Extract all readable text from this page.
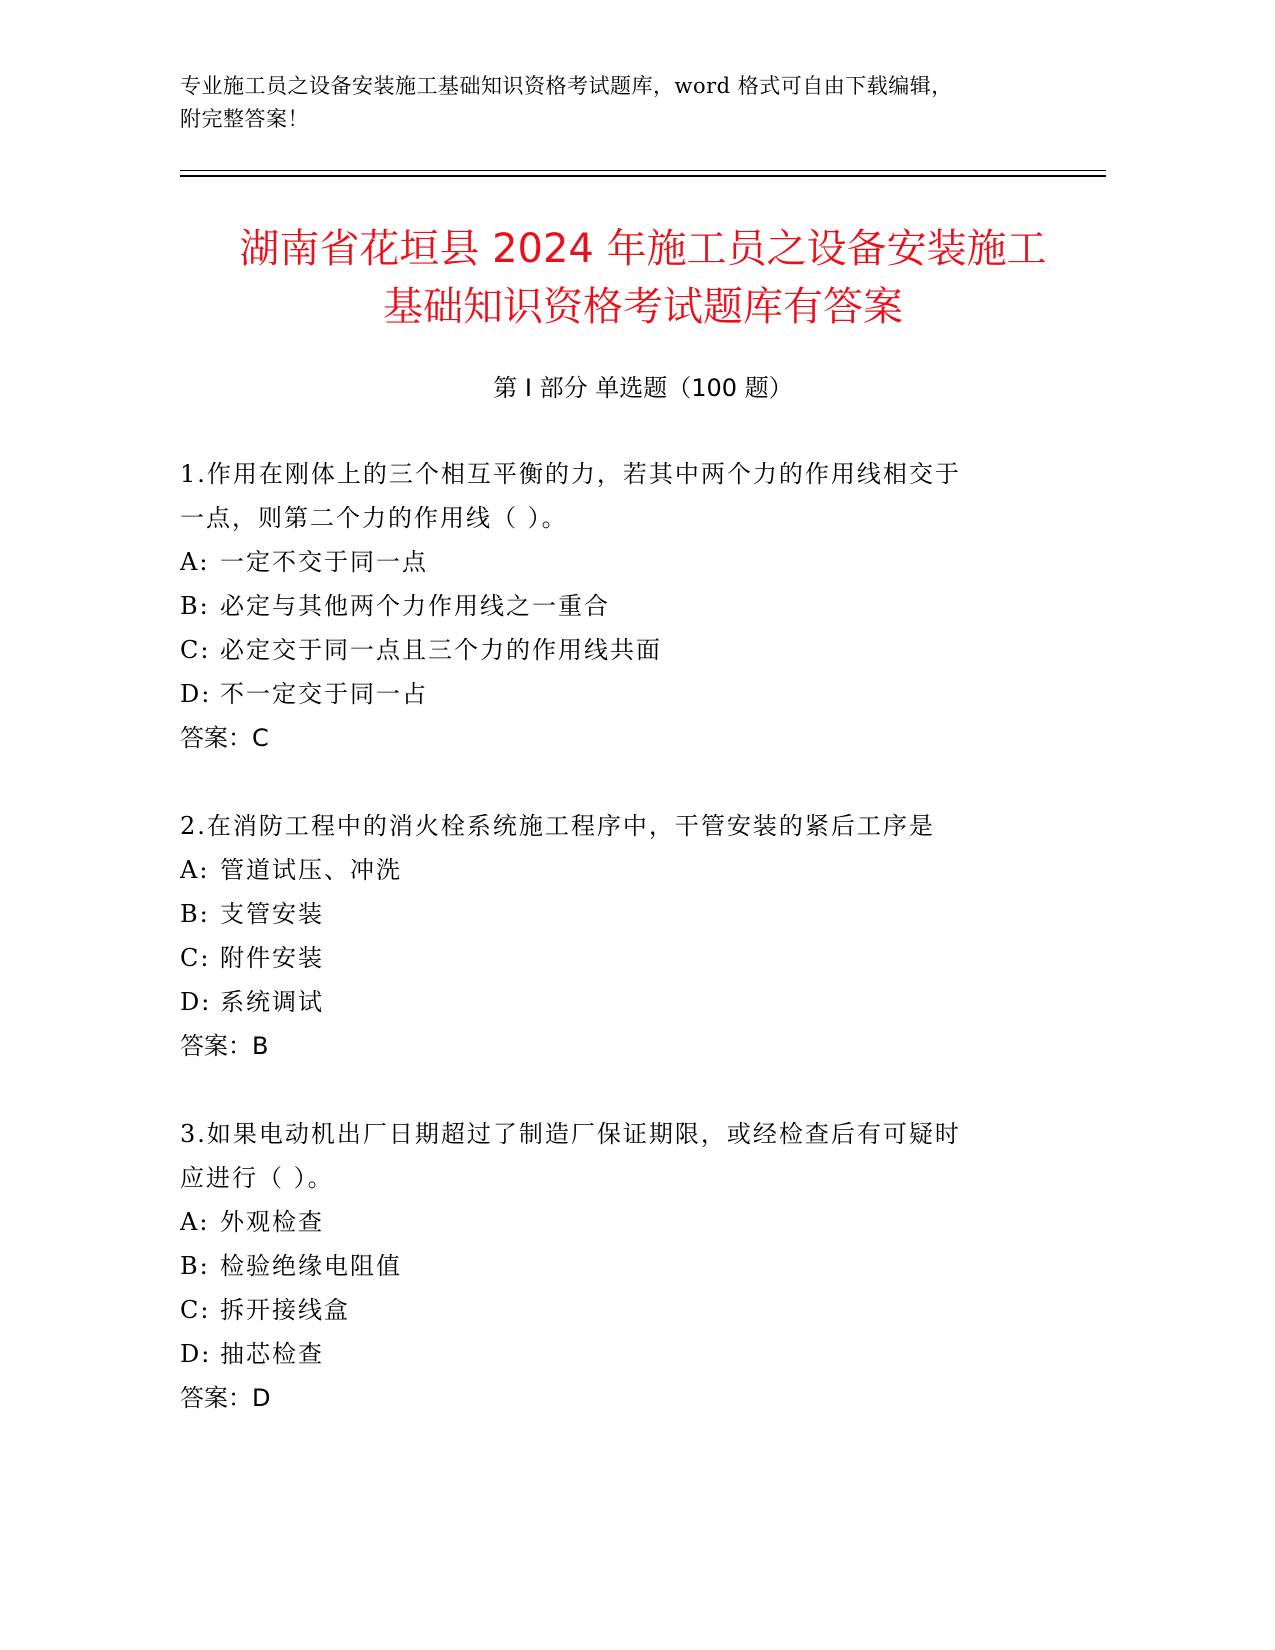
专业施工员之设备安装施工基础知识资格考试题库，word 格式可自由下载编辑，
附完整答案！
湖南省花垣县 2024 年施工员之设备安装施工
基础知识资格考试题库有答案
第 I 部分 单选题（100 题）

1.作用在刚体上的三个相互平衡的力，若其中两个力的作用线相交于

一点，则第二个力的作用线（ ）。

A: 一定不交于同一点

B: 必定与其他两个力作用线之一重合

C: 必定交于同一点且三个力的作用线共面

D: 不一定交于同一占

答案：C

2.在消防工程中的消火栓系统施工程序中，干管安装的紧后工序是

A: 管道试压、冲洗

B: 支管安装

C: 附件安装

D: 系统调试

答案：B

3.如果电动机出厂日期超过了制造厂保证期限，或经检查后有可疑时

应进行（ ）。

A: 外观检查

B: 检验绝缘电阻值

C: 拆开接线盒

D: 抽芯检查

答案：D
